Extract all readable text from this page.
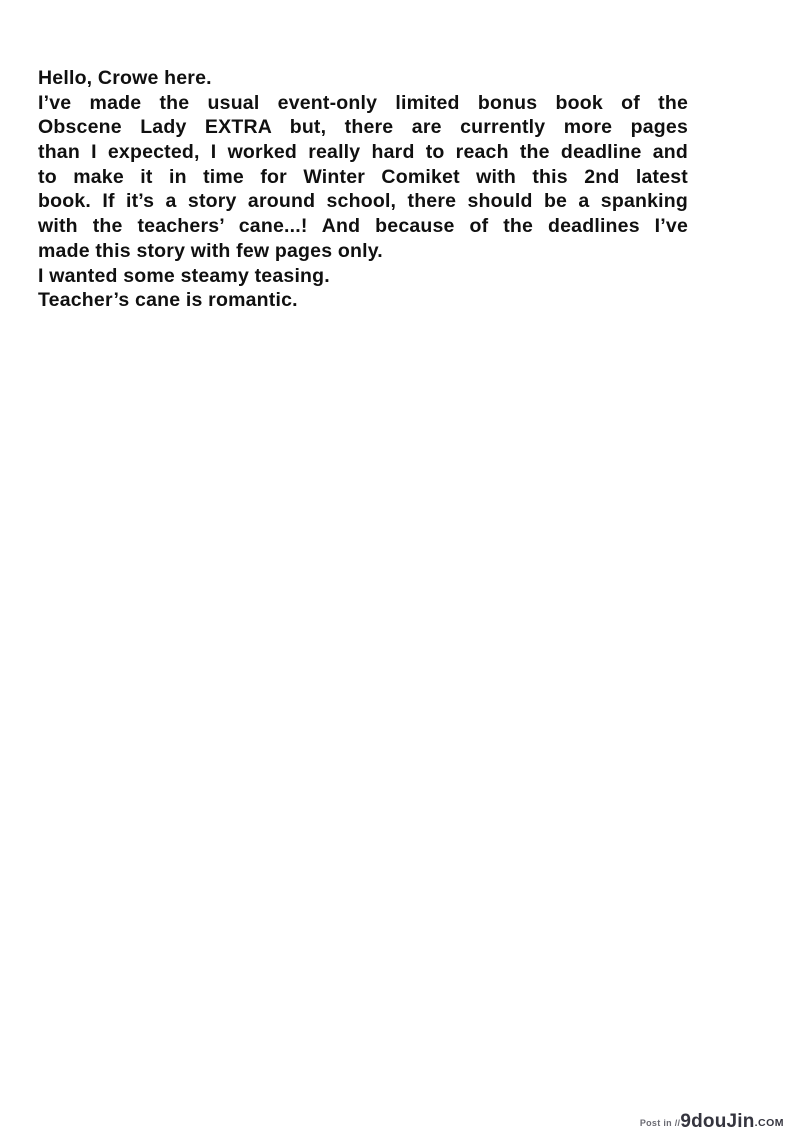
Hello, Crowe here.
I’ve made the usual event-only limited bonus book of the
Obscene Lady EXTRA but, there are currently more pages
than I expected, I worked really hard to reach the deadline and
to make it in time for Winter Comiket with this 2nd latest
book. If it’s a story around school, there should be a spanking
with the teachers’ cane...! And because of the deadlines I’ve
made this story with few pages only.
I wanted some steamy teasing.
Teacher’s cane is romantic.
Post in //9douJin.COM
